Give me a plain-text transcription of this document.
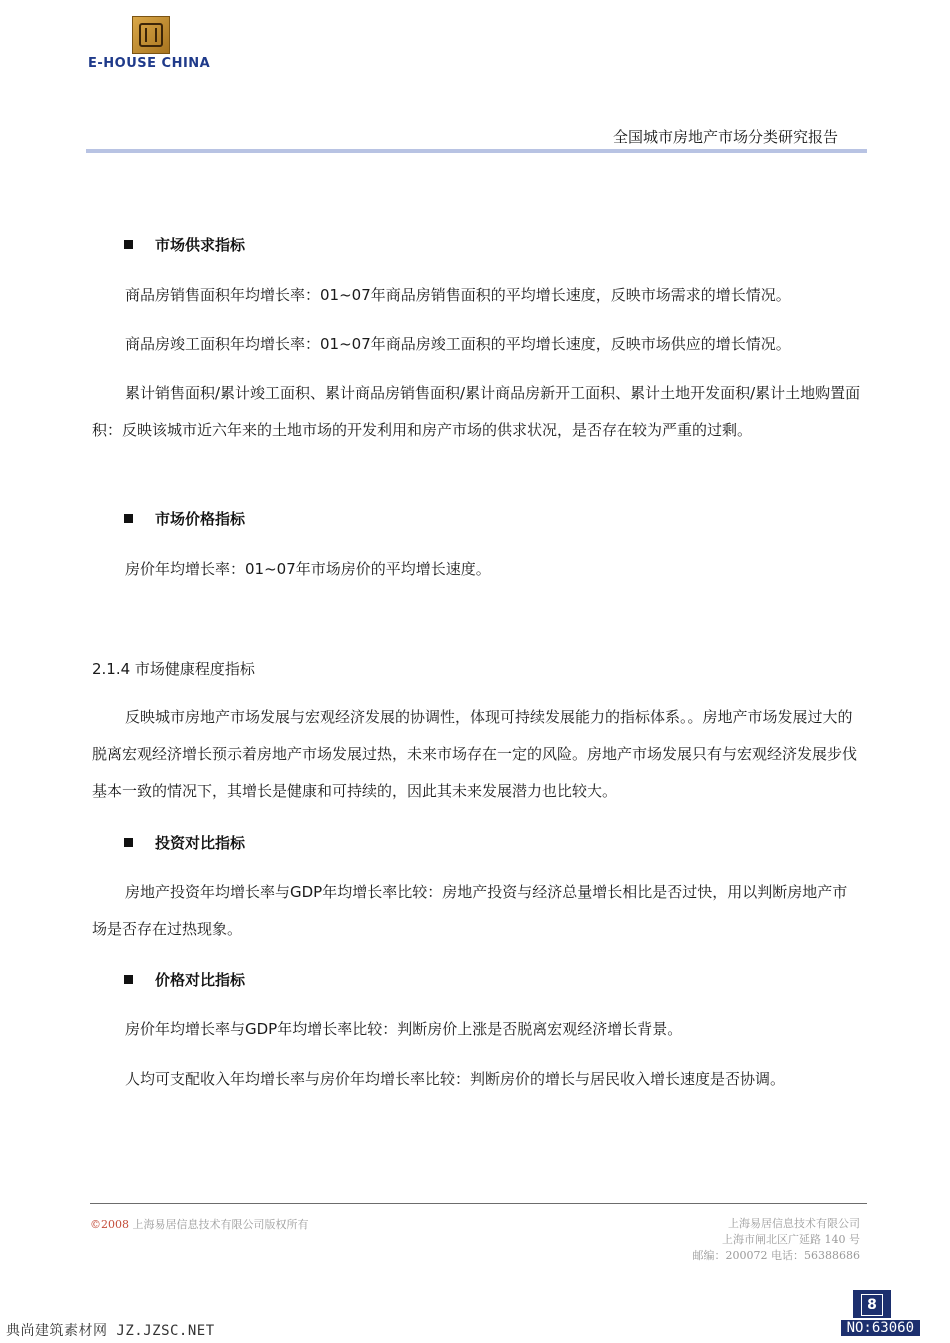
E-HOUSE CHINA
全国城市房地产市场分类研究报告
市场供求指标
商品房销售面积年均增长率：01~07年商品房销售面积的平均增长速度，反映市场需求的增长情况。
商品房竣工面积年均增长率：01~07年商品房竣工面积的平均增长速度，反映市场供应的增长情况。
累计销售面积/累计竣工面积、累计商品房销售面积/累计商品房新开工面积、累计土地开发面积/累计土地购置面积：反映该城市近六年来的土地市场的开发利用和房产市场的供求状况，是否存在较为严重的过剩。
市场价格指标
房价年均增长率：01~07年市场房价的平均增长速度。
2.1.4 市场健康程度指标
反映城市房地产市场发展与宏观经济发展的协调性，体现可持续发展能力的指标体系。。房地产市场发展过大的脱离宏观经济增长预示着房地产市场发展过热，未来市场存在一定的风险。房地产市场发展只有与宏观经济发展步伐基本一致的情况下，其增长是健康和可持续的，因此其未来发展潜力也比较大。
投资对比指标
房地产投资年均增长率与GDP年均增长率比较：房地产投资与经济总量增长相比是否过快，用以判断房地产市场是否存在过热现象。
价格对比指标
房价年均增长率与GDP年均增长率比较：判断房价上涨是否脱离宏观经济增长背景。
人均可支配收入年均增长率与房价年均增长率比较：判断房价的增长与居民收入增长速度是否协调。
©2008 上海易居信息技术有限公司版权所有	上海易居信息技术有限公司
上海市闸北区广延路 140 号
邮编：200072 电话：56388686
8
典尚建筑素材网 JZ.JZSC.NET	NO:63060
